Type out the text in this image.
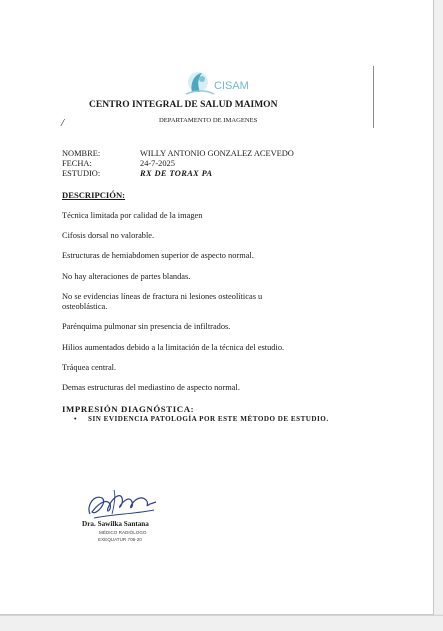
CISAM
CENTRO INTEGRAL DE SALUD MAIMON
DEPARTAMENTO DE IMAGENES
/
NOMBRE:	WILLY ANTONIO GONZALEZ ACEVEDO
FECHA:	24-7-2025
ESTUDIO:	RX DE TORAX PA
DESCRIPCIÓN:
Técnica limitada por calidad de la imagen
Cifosis dorsal no valorable.
Estructuras de hemiabdomen superior de aspecto normal.
No hay alteraciones de partes blandas.
No se evidencias líneas de fractura ni lesiones osteolíticas u
osteoblástica.
Parénquima pulmonar sin presencia de infiltrados.
Hilios aumentados debido a la limitación de la técnica del estudio.
Tráquea central.
Demas estructuras del mediastino de aspecto normal.
IMPRESIÓN DIAGNÓSTICA:
• SIN EVIDENCIA PATOLOGÍA POR ESTE MÉTODO DE ESTUDIO.
Dra. Sawilka Santana
MÉDICO RADIÓLOGO
EXEQUATUR 706-20
